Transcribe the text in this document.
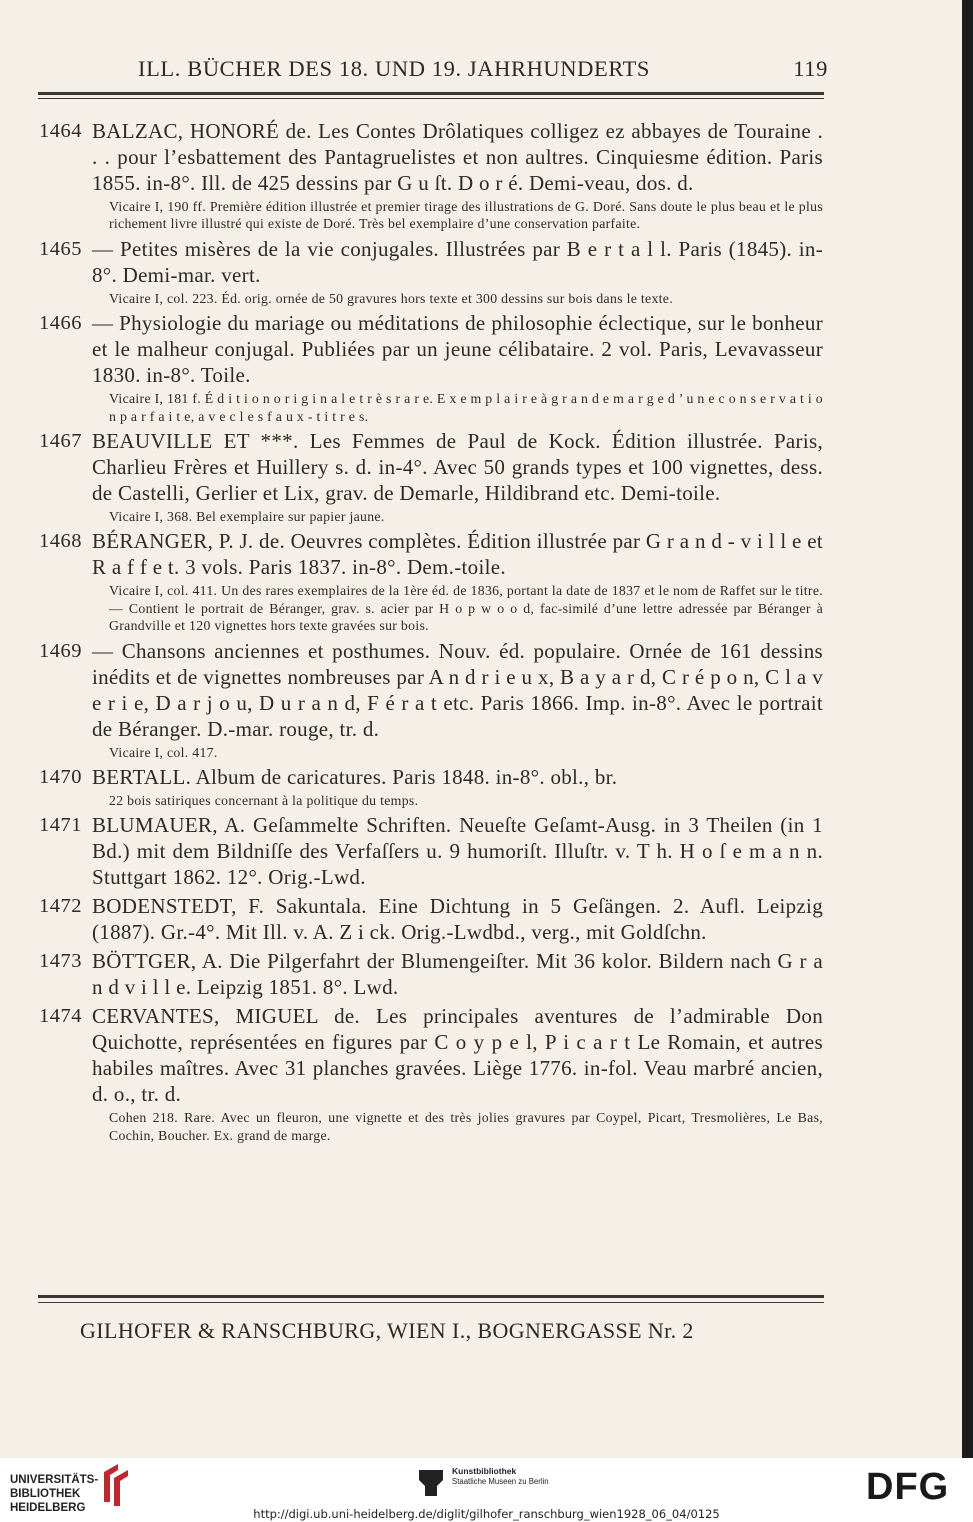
ILL. BÜCHER DES 18. UND 19. JAHRHUNDERTS	119
1464 BALZAC, HONORÉ de. Les Contes Drôlatiques colligez ez abbayes de Touraine . . . pour l’esbattement des Pantagruelistes et non aultres. Cinquiesme édition. Paris 1855. in-8°. Ill. de 425 dessins par G u ſt. D o r é. Demi-veau, dos. d.
Vicaire I, 190 ff. Première édition illustrée et premier tirage des illustrations de G. Doré. Sans doute le plus beau et le plus richement livre illustré qui existe de Doré. Très bel exemplaire d’une conservation parfaite.
1465 — Petites misères de la vie conjugales. Illustrées par B e r t a l l. Paris (1845). in-8°. Demi-mar. vert.
Vicaire I, col. 223. Éd. orig. ornée de 50 gravures hors texte et 300 dessins sur bois dans le texte.
1466 — Physiologie du mariage ou méditations de philosophie éclectique, sur le bonheur et le malheur conjugal. Publiées par un jeune célibataire. 2 vol. Paris, Levavasseur 1830. in-8°. Toile.
Vicaire I, 181 f. É d i t i o n o r i g i n a l e t r è s r a r e. E x e m p l a i r e à g r a n d e m a r g e d ’ u n e c o n s e r v a t i o n p a r f a i t e, a v e c l e s f a u x - t i t r e s.
1467 BEAUVILLE ET ***. Les Femmes de Paul de Kock. Édition illustrée. Paris, Charlieu Frères et Huillery s. d. in-4°. Avec 50 grands types et 100 vignettes, dess. de Castelli, Gerlier et Lix, grav. de Demarle, Hildibrand etc. Demi-toile.
Vicaire I, 368. Bel exemplaire sur papier jaune.
1468 BÉRANGER, P. J. de. Oeuvres complètes. Édition illustrée par G r a n d - v i l l e et R a f f e t. 3 vols. Paris 1837. in-8°. Dem.-toile.
Vicaire I, col. 411. Un des rares exemplaires de la 1ère éd. de 1836, portant la date de 1837 et le nom de Raffet sur le titre. — Contient le portrait de Béranger, grav. s. acier par H o p w o o d, fac-similé d’une lettre adressée par Béranger à Grandville et 120 vignettes hors texte gravées sur bois.
1469 — Chansons anciennes et posthumes. Nouv. éd. populaire. Ornée de 161 dessins inédits et de vignettes nombreuses par A n d r i e u x, B a y a r d, C r é p o n, C l a v e r i e, D a r j o u, D u r a n d, F é r a t etc. Paris 1866. Imp. in-8°. Avec le portrait de Béranger. D.-mar. rouge, tr. d.
Vicaire I, col. 417.
1470 BERTALL. Album de caricatures. Paris 1848. in-8°. obl., br.
22 bois satiriques concernant à la politique du temps.
1471 BLUMAUER, A. Geſammelte Schriften. Neueſte Geſamt-Ausg. in 3 Theilen (in 1 Bd.) mit dem Bildniſſe des Verfaſſers u. 9 humoriſt. Illuſtr. v. T h. H o ſ e m a n n. Stuttgart 1862. 12°. Orig.-Lwd.
1472 BODENSTEDT, F. Sakuntala. Eine Dichtung in 5 Geſängen. 2. Aufl. Leipzig (1887). Gr.-4°. Mit Ill. v. A. Z i ck. Orig.-Lwdbd., verg., mit Goldſchn.
1473 BÖTTGER, A. Die Pilgerfahrt der Blumengeiſter. Mit 36 kolor. Bildern nach G r a n d v i l l e. Leipzig 1851. 8°. Lwd.
1474 CERVANTES, MIGUEL de. Les principales aventures de l’admirable Don Quichotte, représentées en figures par C o y p e l, P i c a r t Le Romain, et autres habiles maîtres. Avec 31 planches gravées. Liège 1776. in-fol. Veau marbré ancien, d. o., tr. d.
Cohen 218. Rare. Avec un fleuron, une vignette et des très jolies gravures par Coypel, Picart, Tresmolières, Le Bas, Cochin, Boucher. Ex. grand de marge.
GILHOFER & RANSCHBURG, WIEN I., BOGNERGASSE Nr. 2
UNIVERSITÄTS-
BIBLIOTHEK
HEIDELBERG
Kunstbibliothek
Staatliche Museen zu Berlin	DFG
http://digi.ub.uni-heidelberg.de/diglit/gilhofer_ranschburg_wien1928_06_04/0125
